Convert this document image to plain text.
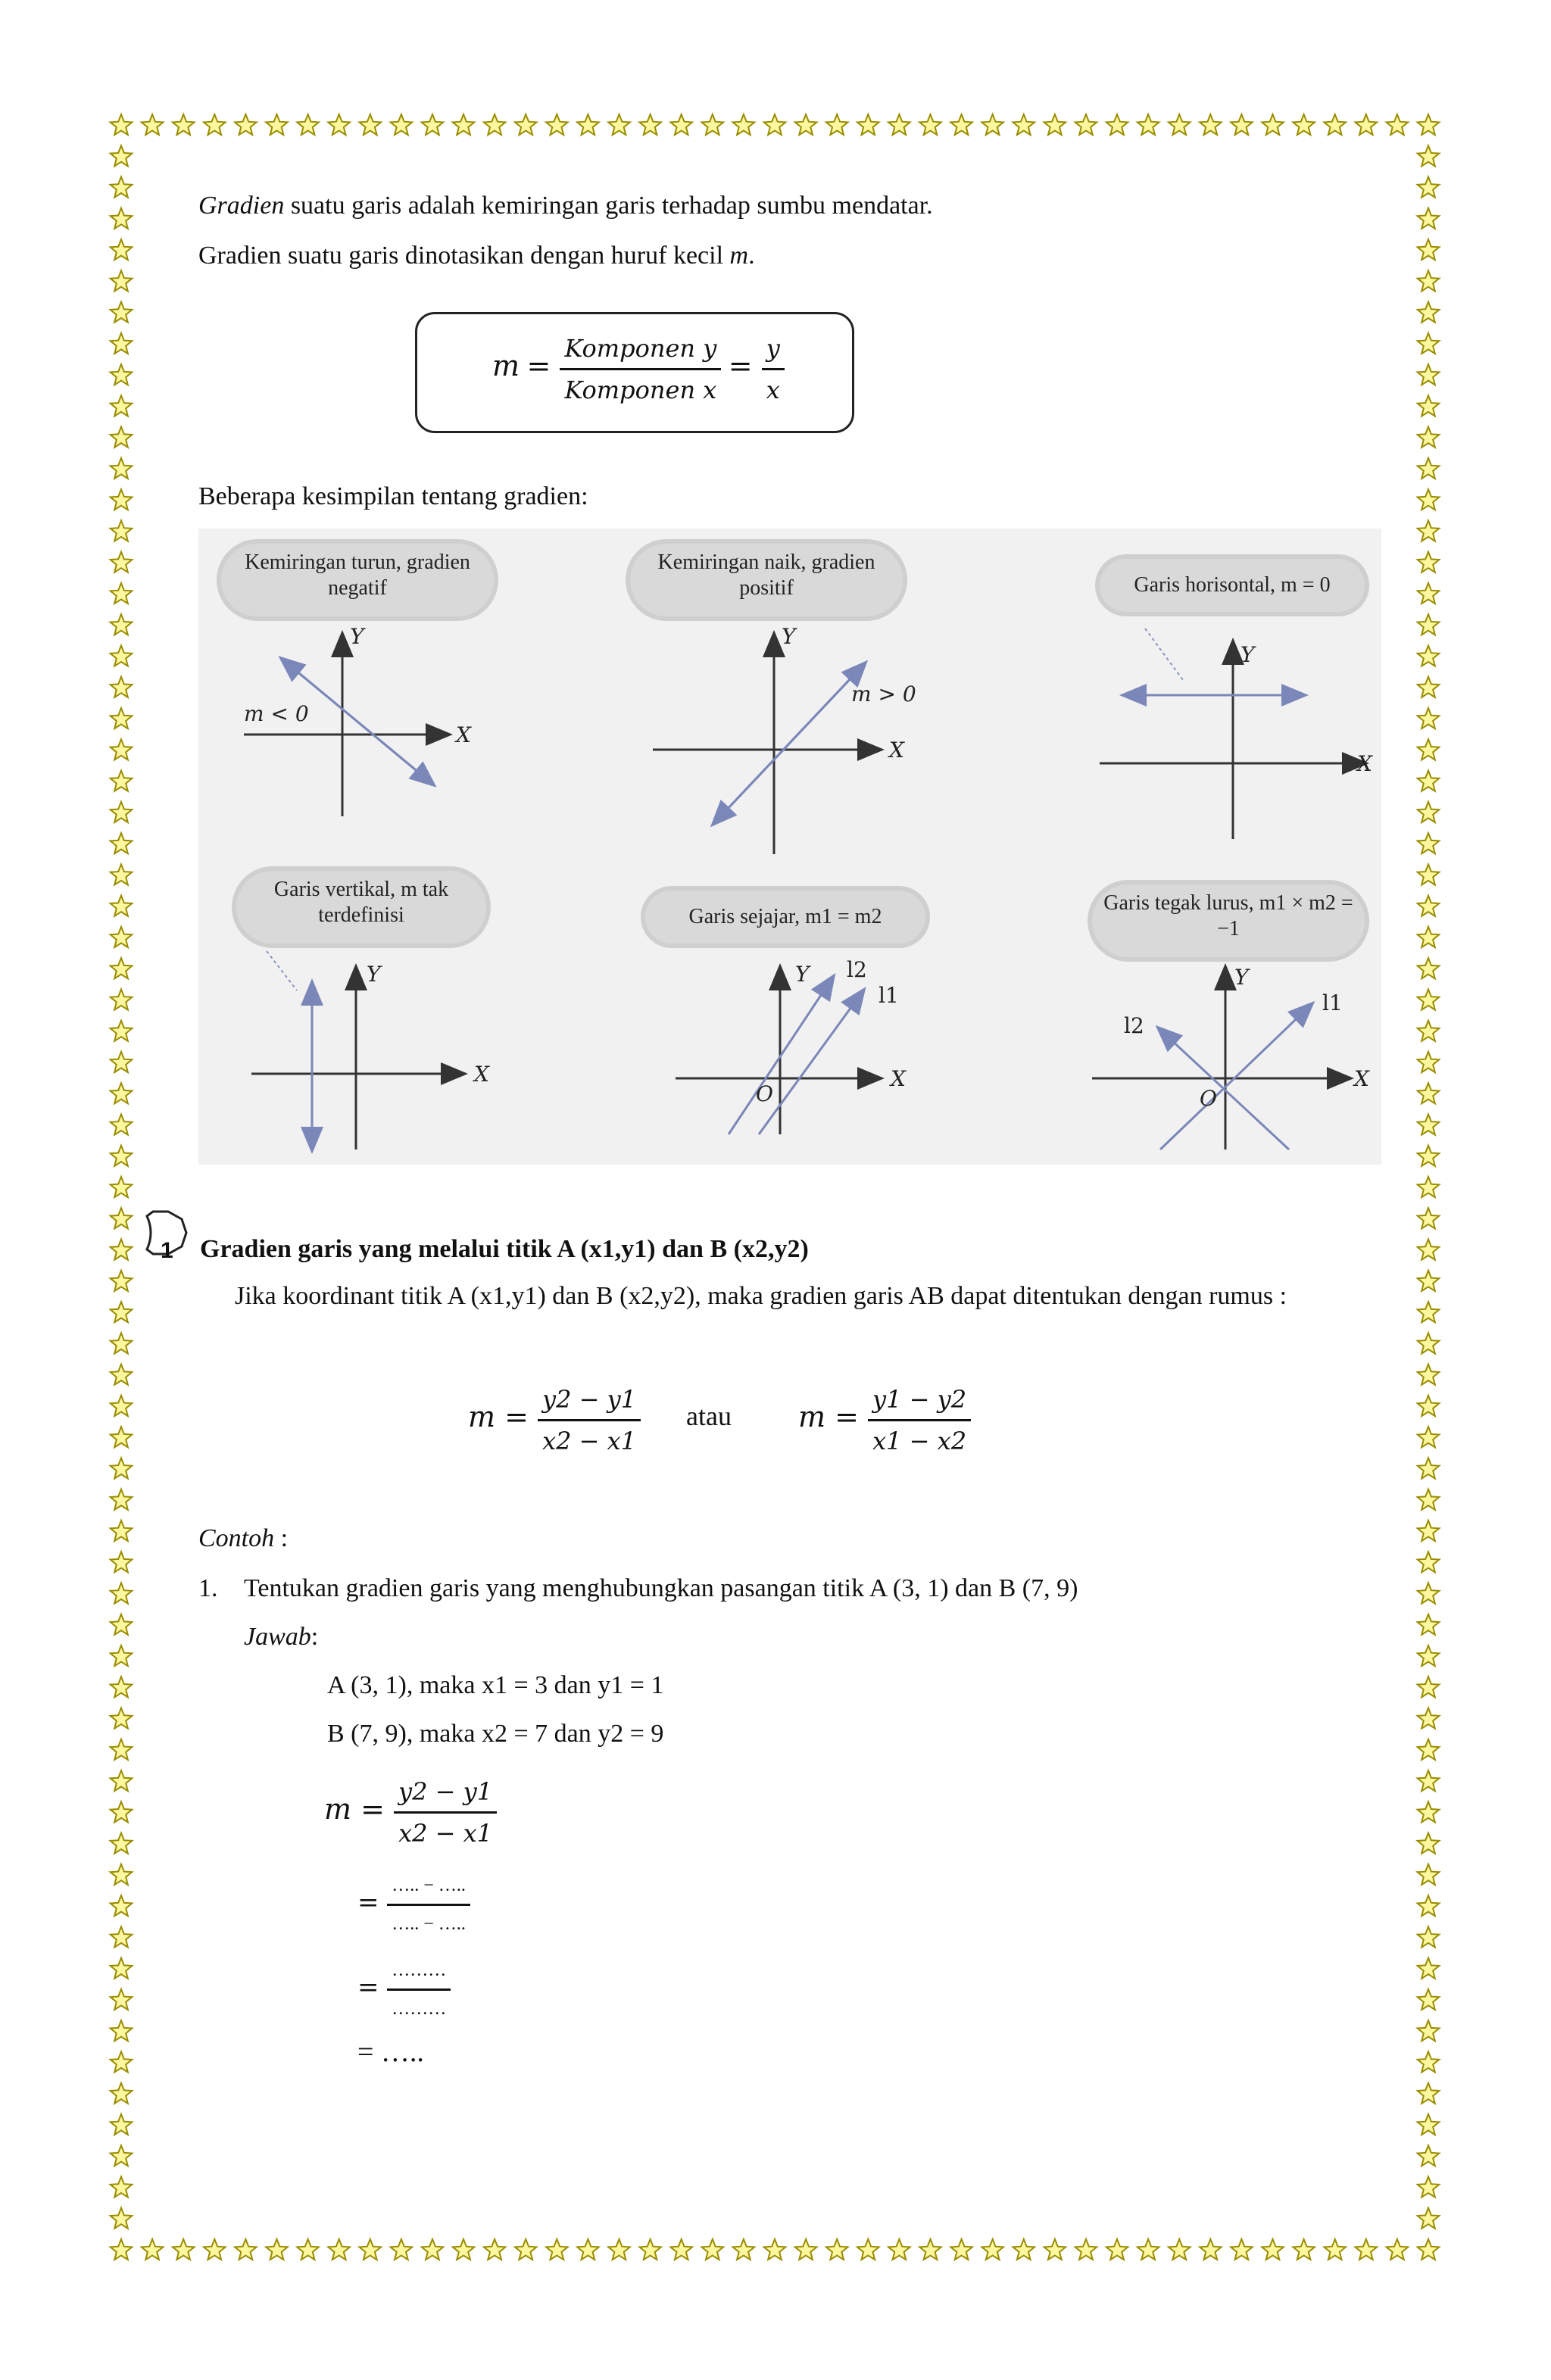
Gradien suatu garis adalah kemiringan garis terhadap sumbu mendatar.
Gradien suatu garis dinotasikan dengan huruf kecil m.
$m = \frac{\text{Komponen y}}{\text{Komponen x}} = \frac{y}{x}$
Beberapa kesimpilan tentang gradien:
Kemiringan turun, gradien negatif
Kemiringan naik, gradien positif	Garis horisontal, m = 0
Garis vertikal, m tak terdefinisi	Garis sejajar, m1 = m2
Garis tegak lurus, m1 × m2 = −1
m < 0
Y
X
m > 0
Y
X
Y
X
Y
X
Y
X
O
l2
l1
Y
X
O
l1
l2
1 Gradien garis yang melalui titik A (x1,y1) dan B (x2,y2)
Jika koordinant titik A (x1,y1) dan B (x2,y2), maka gradien garis AB dapat ditentukan dengan rumus :
$m = \frac{y2 - y1}{x2 - x1}$ atau $m = \frac{y1 - y2}{x1 - x2}$
Contoh :
1. Tentukan gradien garis yang menghubungkan pasangan titik A (3, 1) dan B (7, 9)
Jawab:
A (3, 1), maka x1 = 3 dan y1 = 1
B (7, 9), maka x2 = 7 dan y2 = 9
$m = \frac{y2 - y1}{x2 - x1}$
= $\frac{\dots.. - \dots..}{\dots.. - \dots..}$
= $\frac{\dots\dots\dots}{\dots\dots\dots}$
= …..
